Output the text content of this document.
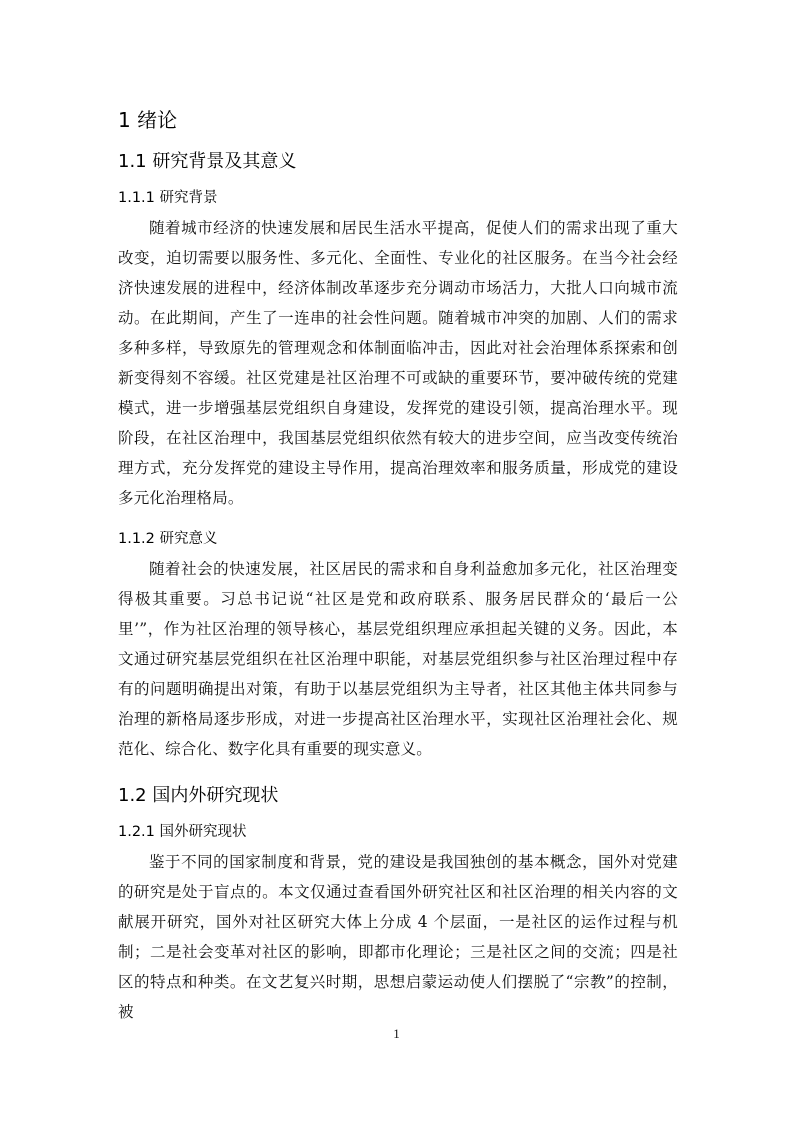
1 绪论
1.1 研究背景及其意义
1.1.1 研究背景

随着城市经济的快速发展和居民生活水平提高，促使人们的需求出现了重大改变，迫切需要以服务性、多元化、全面性、专业化的社区服务。在当今社会经济快速发展的进程中，经济体制改革逐步充分调动市场活力，大批人口向城市流动。在此期间，产生了一连串的社会性问题。随着城市冲突的加剧、人们的需求多种多样，导致原先的管理观念和体制面临冲击，因此对社会治理体系探索和创新变得刻不容缓。社区党建是社区治理不可或缺的重要环节，要冲破传统的党建模式，进一步增强基层党组织自身建设，发挥党的建设引领，提高治理水平。现阶段，在社区治理中，我国基层党组织依然有较大的进步空间，应当改变传统治理方式，充分发挥党的建设主导作用，提高治理效率和服务质量，形成党的建设多元化治理格局。

1.1.2 研究意义

随着社会的快速发展，社区居民的需求和自身利益愈加多元化，社区治理变得极其重要。习总书记说“社区是党和政府联系、服务居民群众的‘最后一公里’”，作为社区治理的领导核心，基层党组织理应承担起关键的义务。因此，本文通过研究基层党组织在社区治理中职能，对基层党组织参与社区治理过程中存有的问题明确提出对策，有助于以基层党组织为主导者，社区其他主体共同参与治理的新格局逐步形成，对进一步提高社区治理水平，实现社区治理社会化、规范化、综合化、数字化具有重要的现实意义。

1.2 国内外研究现状
1.2.1 国外研究现状

鉴于不同的国家制度和背景，党的建设是我国独创的基本概念，国外对党建的研究是处于盲点的。本文仅通过查看国外研究社区和社区治理的相关内容的文献展开研究，国外对社区研究大体上分成 4 个层面，一是社区的运作过程与机制；二是社会变革对社区的影响，即都市化理论；三是社区之间的交流；四是社区的特点和种类。在文艺复兴时期，思想启蒙运动使人们摆脱了“宗教”的控制，被

1
